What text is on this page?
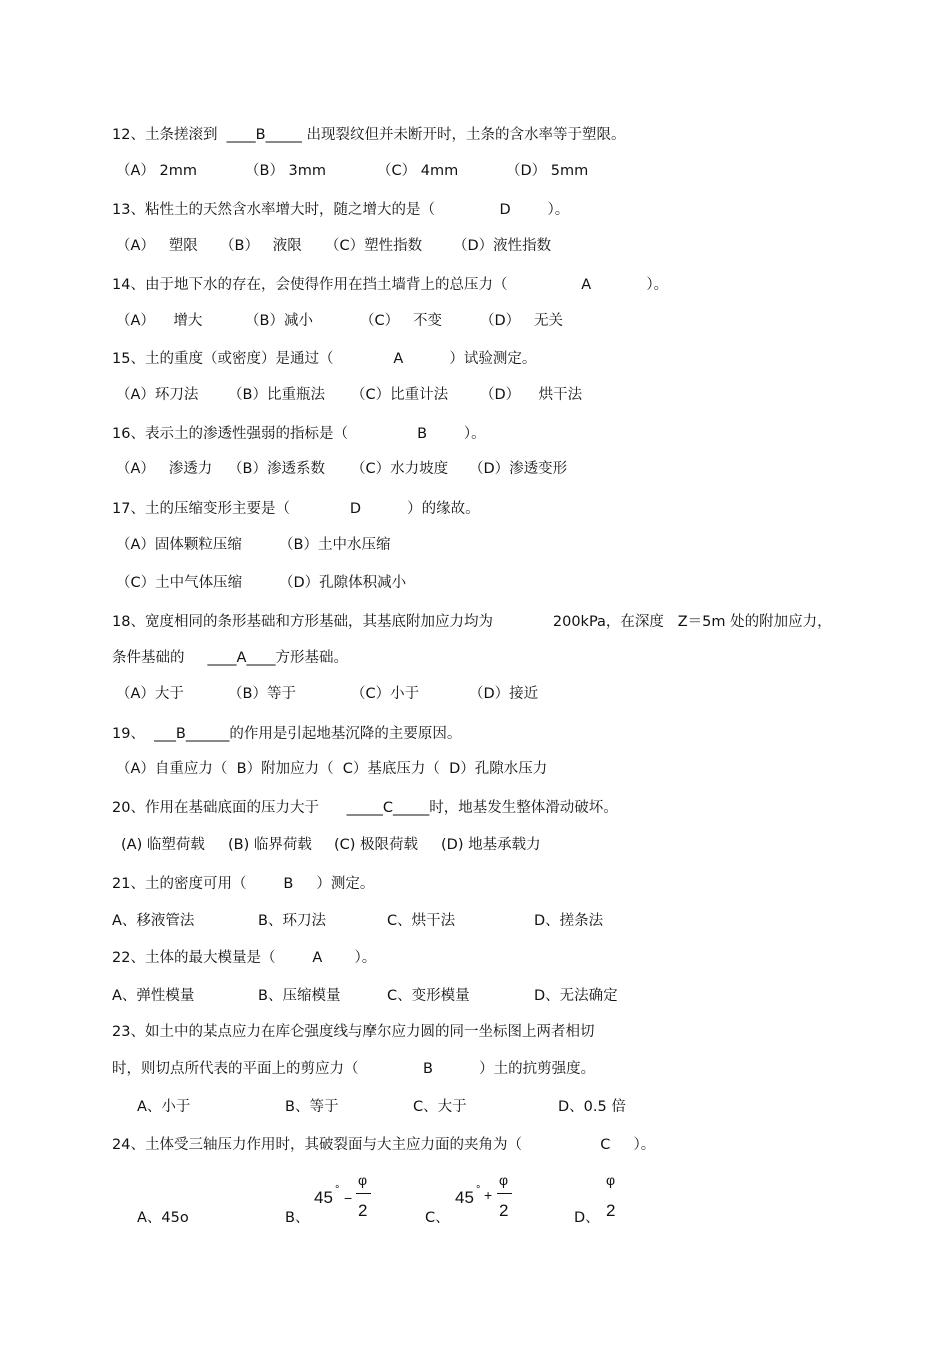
12、土条搓滚到  ____B_____ 出现裂纹但并未断开时，土条的含水率等于塑限。
（A） 2mm	（B） 3mm	（C） 4mm	（D） 5mm
13、粘性土的天然含水率增大时，随之增大的是（              D        ）。
（A）   塑限 （B）   液限 （C）塑性指数 （D）液性指数
14、由于地下水的存在，会使得作用在挡土墙背上的总压力（                A            ）。
（A）    增大	（B）减小	（C）   不变	（D）   无关
15、土的重度（或密度）是通过（             A          ）试验测定。
（A）环刀法 （B）比重瓶法 （C）比重计法 （D）    烘干法
16、表示土的渗透性强弱的指标是（               B        ）。
（A）   渗透力 （B）渗透系数 （C）水力坡度 （D）渗透变形
17、土的压缩变形主要是（             D          ）的缘故。
（A）固体颗粒压缩	（B）土中水压缩
（C）土中气体压缩	（D）孔隙体积减小
18、宽度相同的条形基础和方形基础，其基底附加应力均为             200kPa，在深度   Z＝5m 处的附加应力，
条件基础的     ____A____方形基础。
（A）大于	（B）等于	（C）小于	（D）接近
19、  ___B______的作用是引起地基沉降的主要原因。
（A）自重应力（  B）附加应力（  C）基底压力（  D）孔隙水压力
20、作用在基础底面的压力大于      _____C_____时，地基发生整体滑动破坏。
(A) 临塑荷载 (B) 临界荷载 (C) 极限荷载 (D) 地基承载力
21、土的密度可用（        B     ）测定。
A、移液管法	B、环刀法	C、烘干法	D、搓条法
22、土体的最大模量是（        A       ）。
A、弹性模量	B、压缩模量	C、变形模量	D、无法确定
23、如土中的某点应力在库仑强度线与摩尔应力圆的同一坐标图上两者相切
时，则切点所代表的平面上的剪应力（              B          ）土的抗剪强度。
A、小于	B、等于	C、大于	D、0.5 倍
24、土体受三轴压力作用时，其破裂面与大主应力面的夹角为（                 C     ）。
A、45o	B、	C、	D、
45 ° −
φ
2
45 ° +
φ
2
φ
2
